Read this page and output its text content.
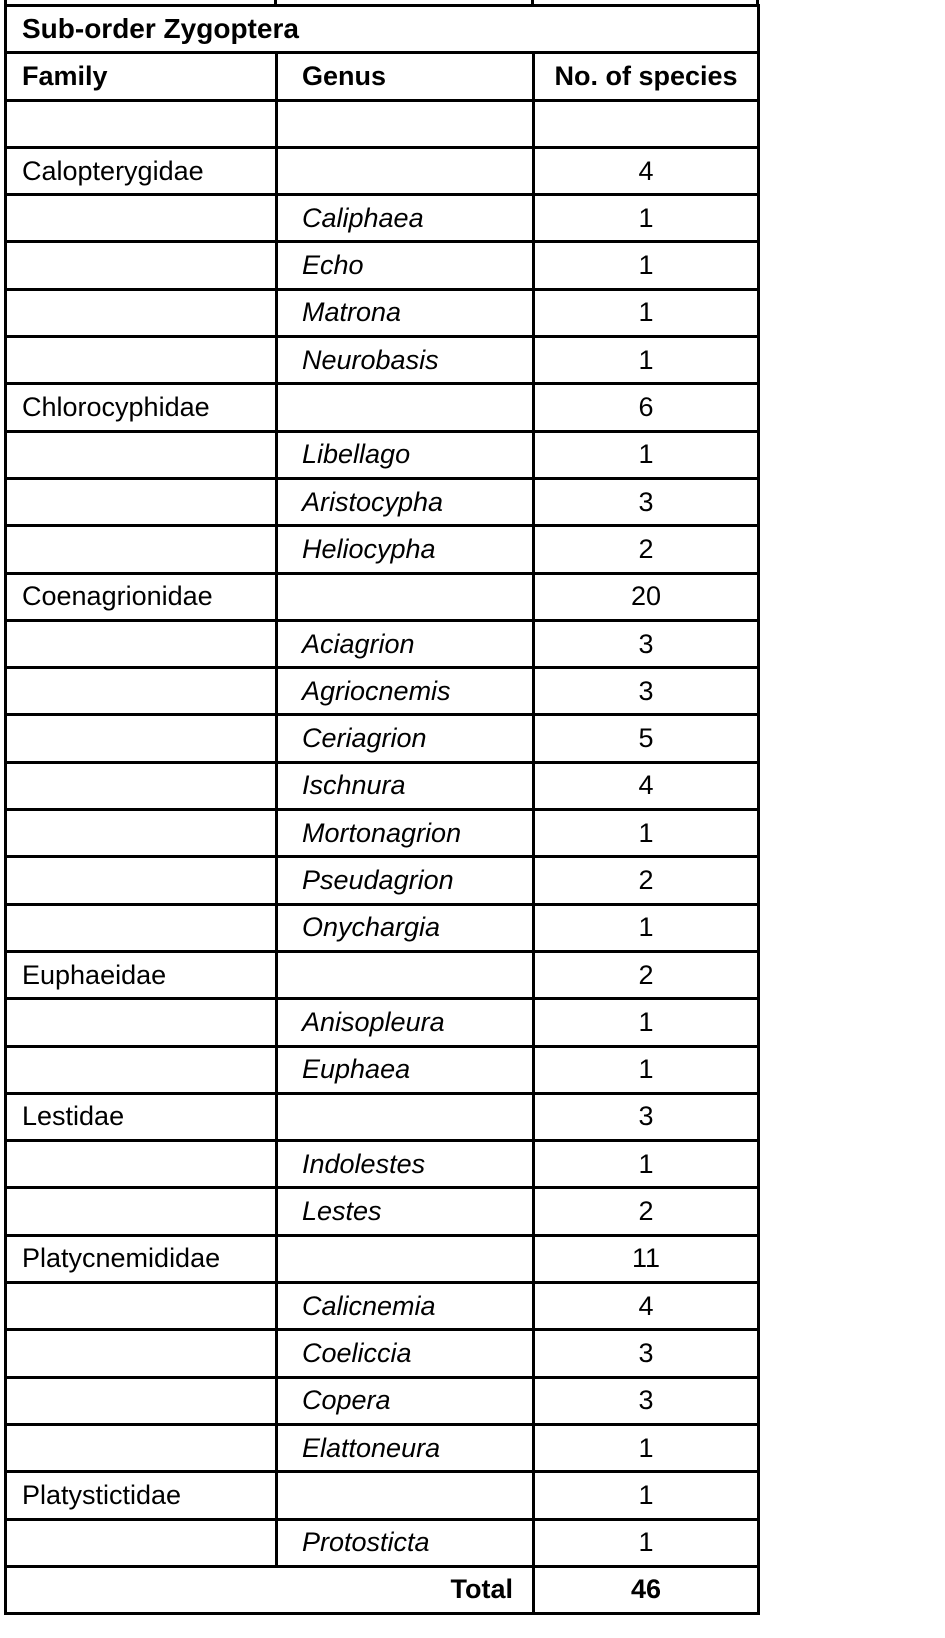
Sub-order Zygoptera		
Family	Genus	No. of species

Calopterygidae		4
	Caliphaea	1
	Echo	1
	Matrona	1
	Neurobasis	1
Chlorocyphidae		6
	Libellago	1
	Aristocypha	3
	Heliocypha	2
Coenagrionidae		20
	Aciagrion	3
	Agriocnemis	3
	Ceriagrion	5
	Ischnura	4
	Mortonagrion	1
	Pseudagrion	2
	Onychargia	1
Euphaeidae		2
	Anisopleura	1
	Euphaea	1
Lestidae		3
	Indolestes	1
	Lestes	2
Platycnemididae		11
	Calicnemia	4
	Coeliccia	3
	Copera	3
	Elattoneura	1
Platystictidae		1
	Protosticta	1
Total		46
